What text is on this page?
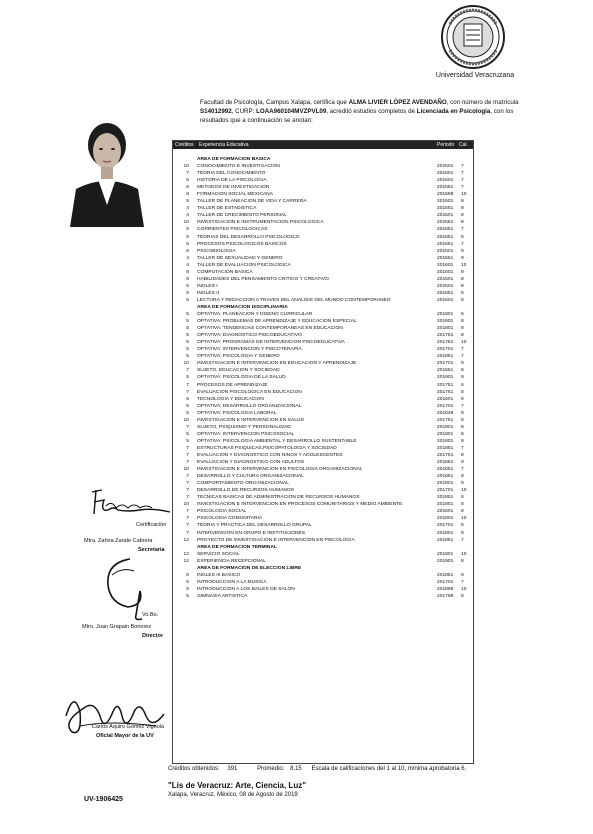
Universidad Veracruzana
Facultad de Psicología, Campus Xalapa, certifica que ALMA LIVIER LÓPEZ AVENDAÑO, con número de matrícula S14012992, CURP: LOAA960104MVZPVL09, acreditó estudios completos de Licenciada en Psicología, con los resultados que a continuación se anotan:
Créditos	Experiencia Educativa	Periodo Cal.
AREA DE FORMACION BASICA
10	CONOCIMIENTO E INVESTIGACION	201501	7
7	TEORIA DEL CONOCIMIENTO	201501	7
6	HISTORIA DE LA PSICOLOGIA	201501	7
6	METODOS DE INVESTIGACION	201551	7
8	FORMACION SOCIAL MEXICANA	201588	10
5	TALLER DE PLANEACION DE VIDA Y CARRERA	201501	9
4	TALLER DE ESTADISTICA	201551	8
4	TALLER DE CRECIMIENTO PERSONAL	201501	8
10	INVESTIGACION E INSTRUMENTACION PSICOLOGICA	201551	8
6	CORRIENTES PSICOLOGICAS	201551	7
6	TEORIAS DEL DESARROLLO PSICOLOGICO	201551	8
6	PROCESOS PSICOLOGICOS BASICOS	201551	7
6	PSICOBIOLOGIA	201501	9
4	TALLER DE SEXUALIDAD Y GENERO	201551	9
4	TALLER DE EVALUACION PSICOLOGICA	201601	10
6	COMPUTACION BASICA	201601	9
6	HABILIDADES DEL PENSAMIENTO CRITICO Y CREATIVO	201501	8
6	INGLES I	201501	8
6	INGLES II	201551	8
6	LECTURA Y REDACCION A TRAVES DEL ANALISIS DEL MUNDO CONTEMPORANEO	201501	8
AREA DE FORMACION DISCIPLINARIA
5	OPTATIVA: PLANEACION Y DISEÑO CURRICULAR	201901	6
5	OPTATIVA: PROBLEMAS DE APRENDIZAJE Y EDUCACION ESPECIAL	201901	8
5	OPTATIVA: TENDENCIAS CONTEMPORANEAS EN EDUCACION	201801	9
5	OPTATIVA: DIAGNOSTICO PSICOEDUCATIVO	201751	8
5	OPTATIVA: PROGRAMAS DE INTERVENCION PSICOEDUCATIVA	201751	10
5	OPTATIVA: INTERVENCION Y PSICOTERAPIA	201701	7
5	OPTATIVA: PSICOLOGIA Y GENERO	201851	7
10	INVESTIGACION E INTERVENCION EN EDUCACION Y APRENDIZAJE	201701	9
7	SUJETO, EDUCACION Y SOCIEDAD	201651	8
5	OPTATIVA: PSICOLOGIA DE LA SALUD	201901	9
7	PROCESOS DE APRENDIZAJE	201751	6
7	EVALUACION PSICOLOGICA EN EDUCACION	201751	8
6	TECNOLOGIA Y EDUCACION	201601	9
5	OPTATIVA: DESARROLLO ORGANIZACIONAL	201701	7
5	OPTATIVA: PSICOLOGIA LABORAL	201648	9
10	INVESTIGACION E INTERVENCION EN SALUD	201751	8
7	SUJETO, PSIQUISMO Y PERSONALIDAD	201901	8
5	OPTATIVA: INTERVENCION PSICOSOCIAL	201901	8
5	OPTATIVA: PSICOLOGIA AMBIENTAL Y DESARROLLO SUSTENTABLE	201801	9
7	ESTRUCTURAS PSIQUICAS,PSICOPATOLOGIA Y SOCIEDAD	201851	7
7	EVALUACION Y DIAGNOSTICO CON NIÑOS Y ADOLESCENTES	201751	8
7	EVALUACION Y DIAGNOSTICO CON ADULTOS	201651	9
10	INVESTIGACION E INTERVENCION EN PSICOLOGIA ORGANIZACIONAL	201651	7
7	DESARROLLO Y CULTURA ORGANIZACIONAL	201651	9
7	COMPORTAMIENTO ORGANIZACIONAL	201801	9
7	DESARROLLO DE RECURSOS HUMANOS	201701	10
7	TECNICAS BASICAS DE ADMINISTRACION DE RECURSOS HUMANOS	201851	6
10	INVESTIGACION E INTERVENCION EN PROCESOS COMUNITARIOS Y MEDIO AMBIENTE	201801	8
7	PSICOLOGIA SOCIAL	201601	8
7	PSICOLOGIA COMUNITARIA	201801	10
7	TEORIA Y PRACTICA DEL DESARROLLO GRUPAL	201701	8
7	INTERVENCION EN GRUPO E INSTITUCIONES	201801	9
12	PROYECTO DE INVESTIGACION E INTERVENCION EN PSICOLOGIA	201851	7
AREA DE FORMACION TERMINAL
12	SERVICIO SOCIAL	201901	10
12	EXPERIENCIA RECEPCIONAL	201901	8
AREA DE FORMACION DE ELECCION LIBRE
6	INGLES III BASICO	201851	9
6	INTRODUCCION A LA MUSICA	201701	7
6	INTRODUCCION A LOS BAILES DE SALON	201888	10
5	GIMNASIA ARTISTICA	201788	8
Certificación
Mtra. Zahira Zarate Cabrera
Secretaria
Vo.Bo.
Mtro. Juan Grapain Bonorez
Director
Carlos Aquiro Gómez Vignola
Oficial Mayor de la UV
Créditos obtenidos: 391	Promedio: 8.15 Escala de calificaciones del 1 al 10, mínima aprobatoria 6.
"Lis de Veracruz: Arte, Ciencia, Luz"
Xalapa, Veracruz, México, 08 de Agosto de 2019
UV-1906425
